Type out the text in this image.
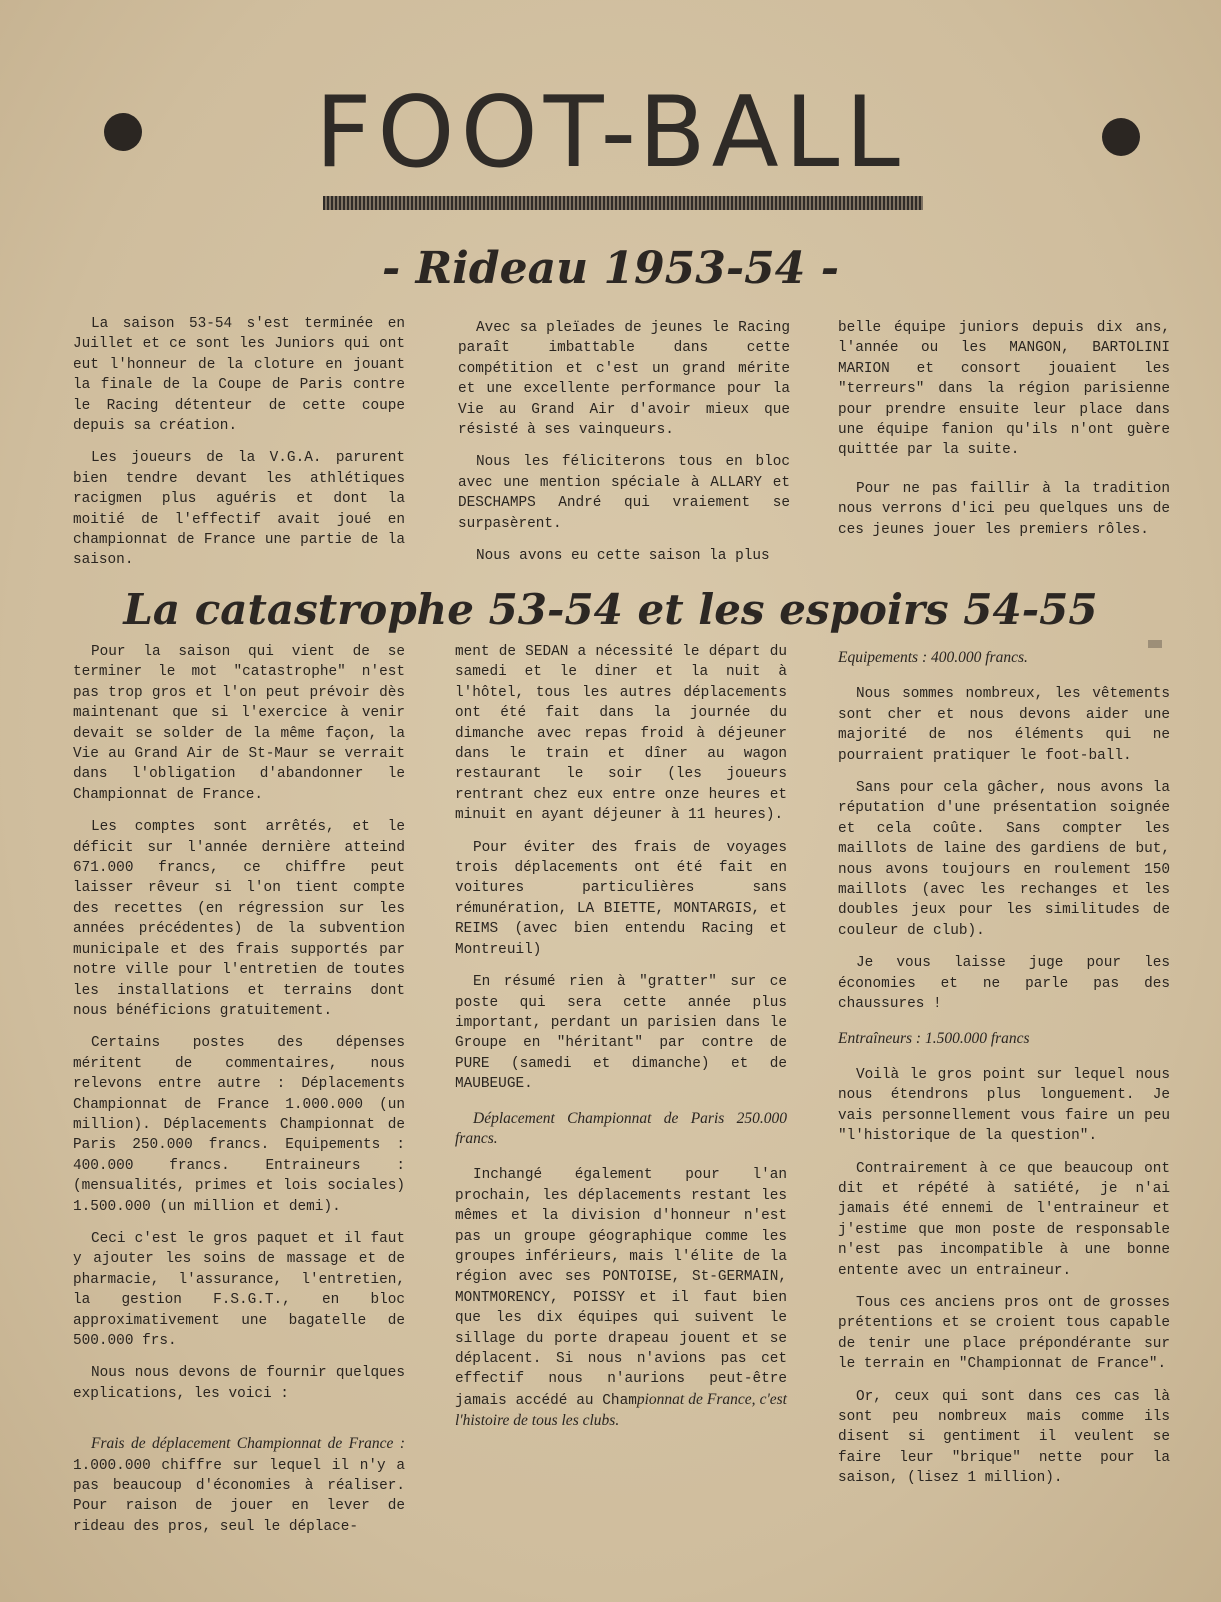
FOOT-BALL
- Rideau 1953-54 -

La saison 53-54 s'est terminée en Juillet et ce sont les Juniors qui ont eut l'honneur de la cloture en jouant la finale de la Coupe de Paris contre le Racing détenteur de cette coupe depuis sa création.

Les joueurs de la V.G.A. parurent bien tendre devant les athlétiques racigmen plus aguéris et dont la moitié de l'effectif avait joué en championnat de France une partie de la saison.

Avec sa pleïades de jeunes le Racing paraît imbattable dans cette compétition et c'est un grand mérite et une excellente performance pour la Vie au Grand Air d'avoir mieux que résisté à ses vainqueurs.

Nous les féliciterons tous en bloc avec une mention spéciale à ALLARY et DESCHAMPS André qui vraiement se surpasèrent.

Nous avons eu cette saison la plus

belle équipe juniors depuis dix ans, l'année ou les MANGON, BARTOLINI MARION et consort jouaient les "terreurs" dans la région parisienne pour prendre ensuite leur place dans une équipe fanion qu'ils n'ont guère quittée par la suite.

Pour ne pas faillir à la tradition nous verrons d'ici peu quelques uns de ces jeunes jouer les premiers rôles.

La catastrophe 53-54 et les espoirs 54-55

Pour la saison qui vient de se terminer le mot "catastrophe" n'est pas trop gros et l'on peut prévoir dès maintenant que si l'exercice à venir devait se solder de la même façon, la Vie au Grand Air de St-Maur se verrait dans l'obligation d'abandonner le Championnat de France.

Les comptes sont arrêtés, et le déficit sur l'année dernière atteind 671.000 francs, ce chiffre peut laisser rêveur si l'on tient compte des recettes (en régression sur les années précédentes) de la subvention municipale et des frais supportés par notre ville pour l'entretien de toutes les installations et terrains dont nous bénéficions gratuitement.

Certains postes des dépenses méritent de commentaires, nous relevons entre autre : Déplacements Championnat de France 1.000.000 (un million). Déplacements Championnat de Paris 250.000 francs. Equipements : 400.000 francs. Entraineurs : (mensualités, primes et lois sociales) 1.500.000 (un million et demi).

Ceci c'est le gros paquet et il faut y ajouter les soins de massage et de pharmacie, l'assurance, l'entretien, la gestion F.S.G.T., en bloc approximativement une bagatelle de 500.000 frs.

Nous nous devons de fournir quelques explications, les voici :

Frais de déplacement Championnat de France : 1.000.000 chiffre sur lequel il n'y a pas beaucoup d'économies à réaliser. Pour raison de jouer en lever de rideau des pros, seul le déplace-

ment de SEDAN a nécessité le départ du samedi et le diner et la nuit à l'hôtel, tous les autres déplacements ont été fait dans la journée du dimanche avec repas froid à déjeuner dans le train et dîner au wagon restaurant le soir (les joueurs rentrant chez eux entre onze heures et minuit en ayant déjeuner à 11 heures).

Pour éviter des frais de voyages trois déplacements ont été fait en voitures particulières sans rémunération, LA BIETTE, MONTARGIS, et REIMS (avec bien entendu Racing et Montreuil)

En résumé rien à "gratter" sur ce poste qui sera cette année plus important, perdant un parisien dans le Groupe en "héritant" par contre de PURE (samedi et dimanche) et de MAUBEUGE.

Déplacement Championnat de Paris 250.000 francs.

Inchangé également pour l'an prochain, les déplacements restant les mêmes et la division d'honneur n'est pas un groupe géographique comme les groupes inférieurs, mais l'élite de la région avec ses PONTOISE, St-GERMAIN, MONTMORENCY, POISSY et il faut bien que les dix équipes qui suivent le sillage du porte drapeau jouent et se déplacent. Si nous n'avions pas cet effectif nous n'aurions peut-être jamais accédé au Championnat de France, c'est l'histoire de tous les clubs.

Equipements : 400.000 francs.

Nous sommes nombreux, les vêtements sont cher et nous devons aider une majorité de nos éléments qui ne pourraient pratiquer le foot-ball.

Sans pour cela gâcher, nous avons la réputation d'une présentation soignée et cela coûte. Sans compter les maillots de laine des gardiens de but, nous avons toujours en roulement 150 maillots (avec les rechanges et les doubles jeux pour les similitudes de couleur de club).

Je vous laisse juge pour les économies et ne parle pas des chaussures !

Entraîneurs : 1.500.000 francs

Voilà le gros point sur lequel nous nous étendrons plus longuement. Je vais personnellement vous faire un peu "l'historique de la question".

Contrairement à ce que beaucoup ont dit et répété à satiété, je n'ai jamais été ennemi de l'entraineur et j'estime que mon poste de responsable n'est pas incompatible à une bonne entente avec un entraineur.

Tous ces anciens pros ont de grosses prétentions et se croient tous capable de tenir une place prépondérante sur le terrain en "Championnat de France".

Or, ceux qui sont dans ces cas là sont peu nombreux mais comme ils disent si gentiment il veulent se faire leur "brique" nette pour la saison, (lisez 1 million).
